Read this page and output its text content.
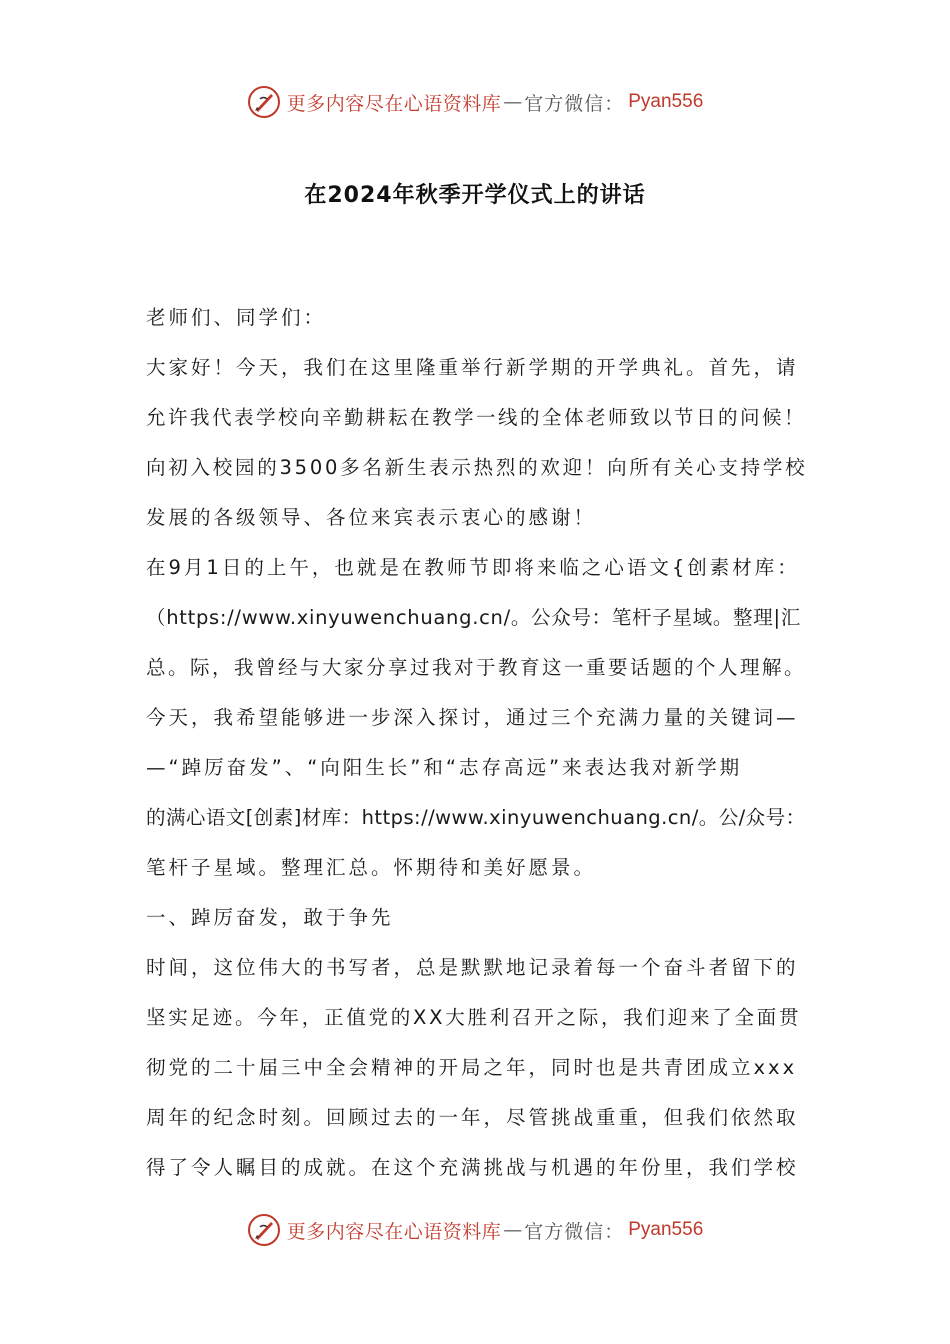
更多内容尽在心语资料库 — 官方微信： Pyan556
在2024年秋季开学仪式上的讲话
老师们、同学们：
大家好！今天，我们在这里隆重举行新学期的开学典礼。首先，请
允许我代表学校向辛勤耕耘在教学一线的全体老师致以节日的问候！
向初入校园的3500多名新生表示热烈的欢迎！向所有关心支持学校
发展的各级领导、各位来宾表示衷心的感谢！
在9月1日的上午，也就是在教师节即将来临之心语文{创素材库：
（https://www.xinyuwenchuang.cn/。公众号：笔杆子星域。整理|汇
总。际，我曾经与大家分享过我对于教育这一重要话题的个人理解。
今天，我希望能够进一步深入探讨，通过三个充满力量的关键词—
—“踔厉奋发”、“向阳生长”和“志存高远”来表达我对新学期
的满心语文[创素]材库：https://www.xinyuwenchuang.cn/。公/众号：
笔杆子星域。整理汇总。怀期待和美好愿景。
一、踔厉奋发，敢于争先
时间，这位伟大的书写者，总是默默地记录着每一个奋斗者留下的
坚实足迹。今年，正值党的XX大胜利召开之际，我们迎来了全面贯
彻党的二十届三中全会精神的开局之年，同时也是共青团成立xxx
周年的纪念时刻。回顾过去的一年，尽管挑战重重，但我们依然取
得了令人瞩目的成就。在这个充满挑战与机遇的年份里，我们学校
更多内容尽在心语资料库 — 官方微信： Pyan556
